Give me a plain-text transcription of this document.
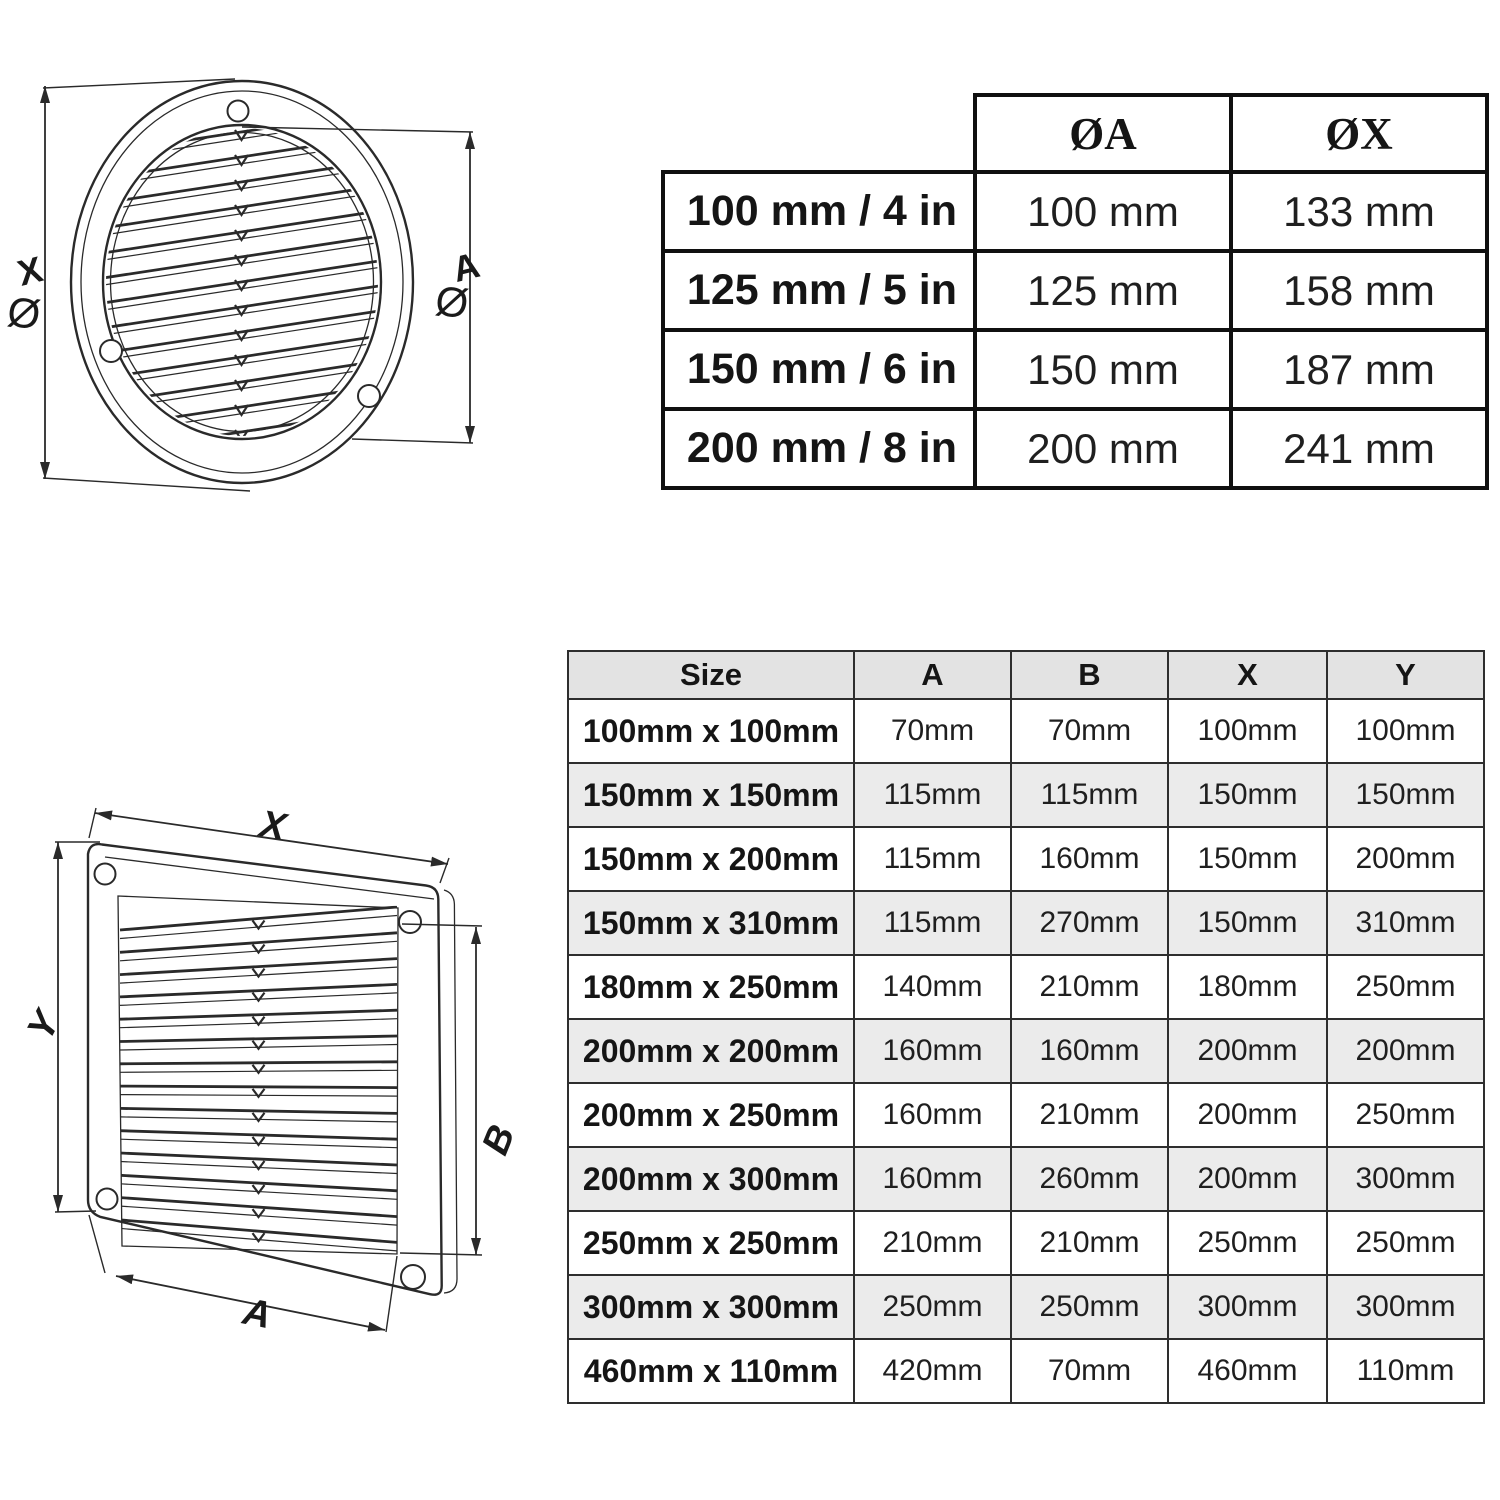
Ø
X
Ø
A
X
Y
B
A
	ØA	ØX
100 mm / 4 in	100 mm	133 mm
125 mm / 5 in	125 mm	158 mm
150 mm / 6 in	150 mm	187 mm
200 mm / 8 in	200 mm	241 mm
Size	A	B	X	Y
100mm x 100mm	70mm	70mm	100mm	100mm
150mm x 150mm	115mm	115mm	150mm	150mm
150mm x 200mm	115mm	160mm	150mm	200mm
150mm x 310mm	115mm	270mm	150mm	310mm
180mm x 250mm	140mm	210mm	180mm	250mm
200mm x 200mm	160mm	160mm	200mm	200mm
200mm x 250mm	160mm	210mm	200mm	250mm
200mm x 300mm	160mm	260mm	200mm	300mm
250mm x 250mm	210mm	210mm	250mm	250mm
300mm x 300mm	250mm	250mm	300mm	300mm
460mm x 110mm	420mm	70mm	460mm	110mm
